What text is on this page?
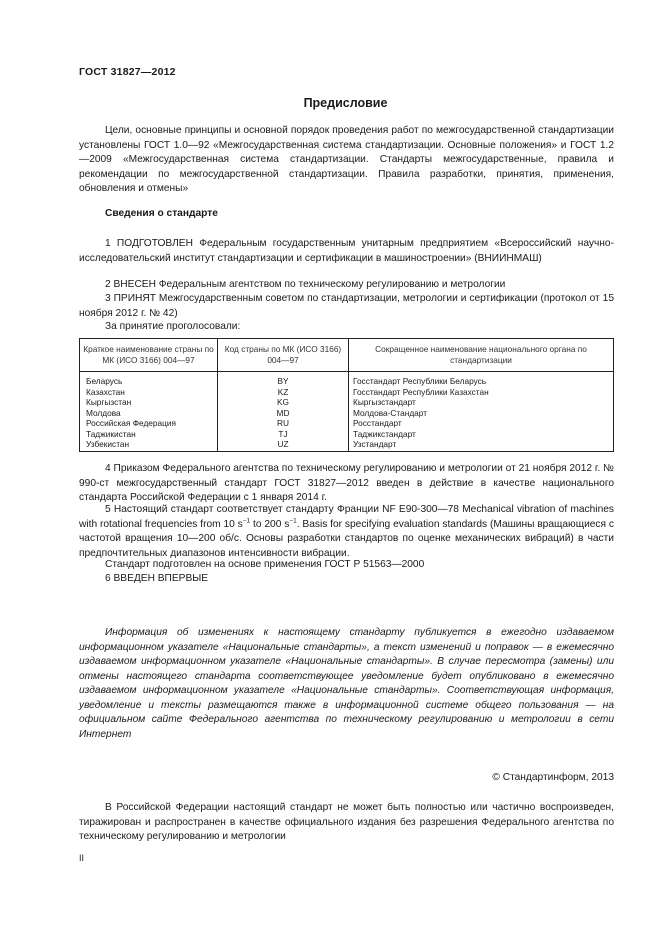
ГОСТ 31827—2012
Предисловие
Цели, основные принципы и основной порядок проведения работ по межгосударственной стандартизации установлены ГОСТ 1.0—92 «Межгосударственная система стандартизации. Основные положения» и ГОСТ 1.2—2009 «Межгосударственная система стандартизации. Стандарты межгосударственные, правила и рекомендации по межгосударственной стандартизации. Правила разработки, принятия, применения, обновления и отмены»
Сведения о стандарте
1 ПОДГОТОВЛЕН Федеральным государственным унитарным предприятием «Всероссийский научно-исследовательский институт стандартизации и сертификации в машиностроении» (ВНИИНМАШ)
2 ВНЕСЕН Федеральным агентством по техническому регулированию и метрологии
3 ПРИНЯТ Межгосударственным советом по стандартизации, метрологии и сертификации (протокол от 15 ноября 2012 г. № 42)
За принятие проголосовали:
Краткое наименование страны по МК (ИСО 3166) 004—97	Код страны по МК (ИСО 3166) 004—97	Сокращенное наименование национального органа по стандартизации
Беларусь	BY	Госстандарт Республики Беларусь
Казахстан	KZ	Госстандарт Республики Казахстан
Кыргызстан	KG	Кыргызстандарт
Молдова	MD	Молдова-Стандарт
Российская Федерация	RU	Росстандарт
Таджикистан	TJ	Таджикстандарт
Узбекистан	UZ	Узстандарт
4 Приказом Федерального агентства по техническому регулированию и метрологии от 21 ноября 2012 г. № 990-ст межгосударственный стандарт ГОСТ 31827—2012 введен в действие в качестве национального стандарта Российской Федерации с 1 января 2014 г.
5 Настоящий стандарт соответствует стандарту Франции NF E90-300—78 Mechanical vibration of machines with rotational frequencies from 10 $s^{-1}$ to 200 $s^{-1}$. Basis for specifying evaluation standards (Машины вращающиеся с частотой вращения 10—200 об/с. Основы разработки стандартов по оценке механических вибраций) в части предпочтительных диапазонов интенсивности вибрации.
Стандарт подготовлен на основе применения ГОСТ Р 51563—2000
6 ВВЕДЕН ВПЕРВЫЕ
Информация об изменениях к настоящему стандарту публикуется в ежегодно издаваемом информационном указателе «Национальные стандарты», а текст изменений и поправок — в ежемесячно издаваемом информационном указателе «Национальные стандарты». В случае пересмотра (замены) или отмены настоящего стандарта соответствующее уведомление будет опубликовано в ежемесячно издаваемом информационном указателе «Национальные стандарты». Соответствующая информация, уведомление и тексты размещаются также в информационной системе общего пользования — на официальном сайте Федерального агентства по техническому регулированию и метрологии в сети Интернет
© Стандартинформ, 2013
В Российской Федерации настоящий стандарт не может быть полностью или частично воспроизведен, тиражирован и распространен в качестве официального издания без разрешения Федерального агентства по техническому регулированию и метрологии
II
